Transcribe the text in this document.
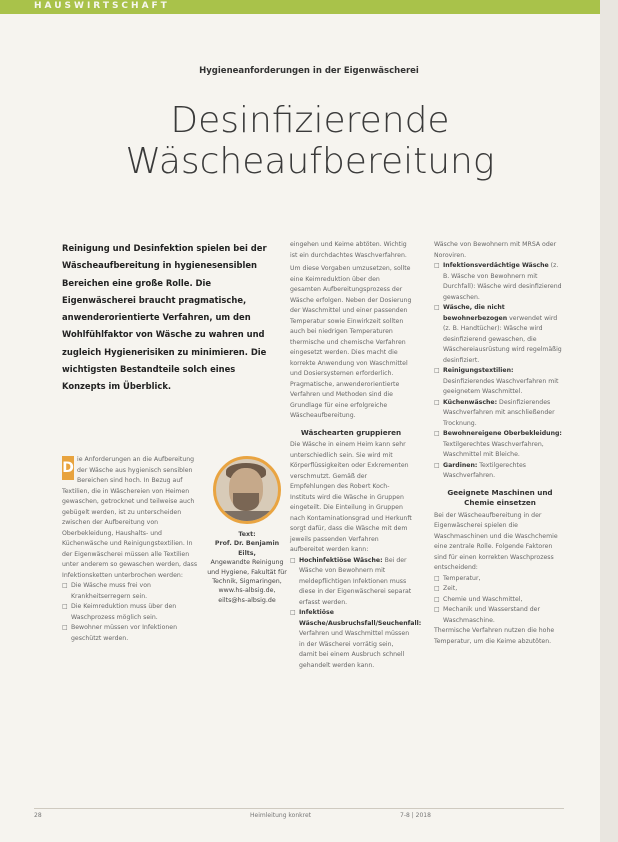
HAUSWIRTSCHAFT
Hygieneanforderungen in der Eigenwäscherei
Desinfizierende Wäscheaufbereitung
Reinigung und Desinfektion spielen bei der Wäscheaufbereitung in hygienesensiblen Bereichen eine große Rolle. Die Eigenwäscherei braucht pragmatische, anwenderorientierte Verfahren, um den Wohlfühlfaktor von Wäsche zu wahren und zugleich Hygienerisiken zu minimieren. Die wichtigsten Bestandteile solch eines Konzepts im Überblick.

D
ie Anforderungen an die Aufbereitung der Wäsche aus hygienisch sensiblen Bereichen sind hoch. In Bezug auf Textilien, die in Wäschereien von Heimen gewaschen, getrocknet und teilweise auch gebügelt werden, ist zu unterscheiden zwischen der Aufbereitung von Oberbekleidung, Haushalts- und Küchenwäsche und Reinigungstextilien. In der Eigenwäscherei müssen alle Textilien unter anderem so gewaschen werden, dass Infektionsketten unterbrochen werden:

□ Die Wäsche muss frei von Krankheitserregern sein.
□ Die Keimreduktion muss über den Waschprozess möglich sein.
□ Bewohner müssen vor Infektionen geschützt werden.
Text:
Prof. Dr. Benjamin Eilts,
Angewandte Reinigung und Hygiene, Fakultät für Technik, Sigmaringen,
www.hs-albsig.de,
eilts@hs-albsig.de

eingehen und Keime abtöten. Wichtig ist ein durchdachtes Waschverfahren.

Um diese Vorgaben umzusetzen, sollte eine Keimreduktion über den gesamten Aufbereitungsprozess der Wäsche erfolgen. Neben der Dosierung der Waschmittel und einer passenden Temperatur sowie Einwirkzeit sollten auch bei niedrigen Temperaturen thermische und chemische Verfahren eingesetzt werden. Dies macht die korrekte Anwendung von Waschmittel und Dosiersystemen erforderlich. Pragmatische, anwenderorientierte Verfahren und Methoden sind die Grundlage für eine erfolgreiche Wäscheaufbereitung.

Wäschearten gruppieren

Die Wäsche in einem Heim kann sehr unterschiedlich sein. Sie wird mit Körperflüssigkeiten oder Exkrementen verschmutzt. Gemäß der Empfehlungen des Robert Koch-Instituts wird die Wäsche in Gruppen eingeteilt. Die Einteilung in Gruppen nach Kontaminationsgrad und Herkunft sorgt dafür, dass die Wäsche mit dem jeweils passenden Verfahren aufbereitet werden kann:

□ Hochinfektiöse Wäsche: Bei der Wäsche von Bewohnern mit meldepflichtigen Infektionen muss diese in der Eigenwäscherei separat erfasst werden.
□ Infektiöse Wäsche/Ausbruchsfall/Seuchenfall: Verfahren und Waschmittel müssen in der Wäscherei vorrätig sein, damit bei einem Ausbruch schnell gehandelt werden kann.

Wäsche von Bewohnern mit MRSA oder Noroviren.

□ Infektionsverdächtige Wäsche (z. B. Wäsche von Bewohnern mit Durchfall): Wäsche wird desinfizierend gewaschen.
□ Wäsche, die nicht bewohnerbezogen verwendet wird (z. B. Handtücher): Wäsche wird desinfizierend gewaschen, die Wäschereiausrüstung wird regelmäßig desinfiziert.
□ Reinigungstextilien: Desinfizierendes Waschverfahren mit geeignetem Waschmittel.
□ Küchenwäsche: Desinfizierendes Waschverfahren mit anschließender Trocknung.
□ Bewohnereigene Oberbekleidung: Textilgerechtes Waschverfahren, Waschmittel mit Bleiche.
□ Gardinen: Textilgerechtes Waschverfahren.
Geeignete Maschinen und Chemie einsetzen

Bei der Wäscheaufbereitung in der Eigenwäscherei spielen die Waschmaschinen und die Waschchemie eine zentrale Rolle. Folgende Faktoren sind für einen korrekten Waschprozess entscheidend:

□ Temperatur,
□ Zeit,
□ Chemie und Waschmittel,
□ Mechanik und Wasserstand der Waschmaschine.

Thermische Verfahren nutzen die hohe Temperatur, um die Keime abzutöten.

28	Heimleitung konkret	7-8 | 2018
